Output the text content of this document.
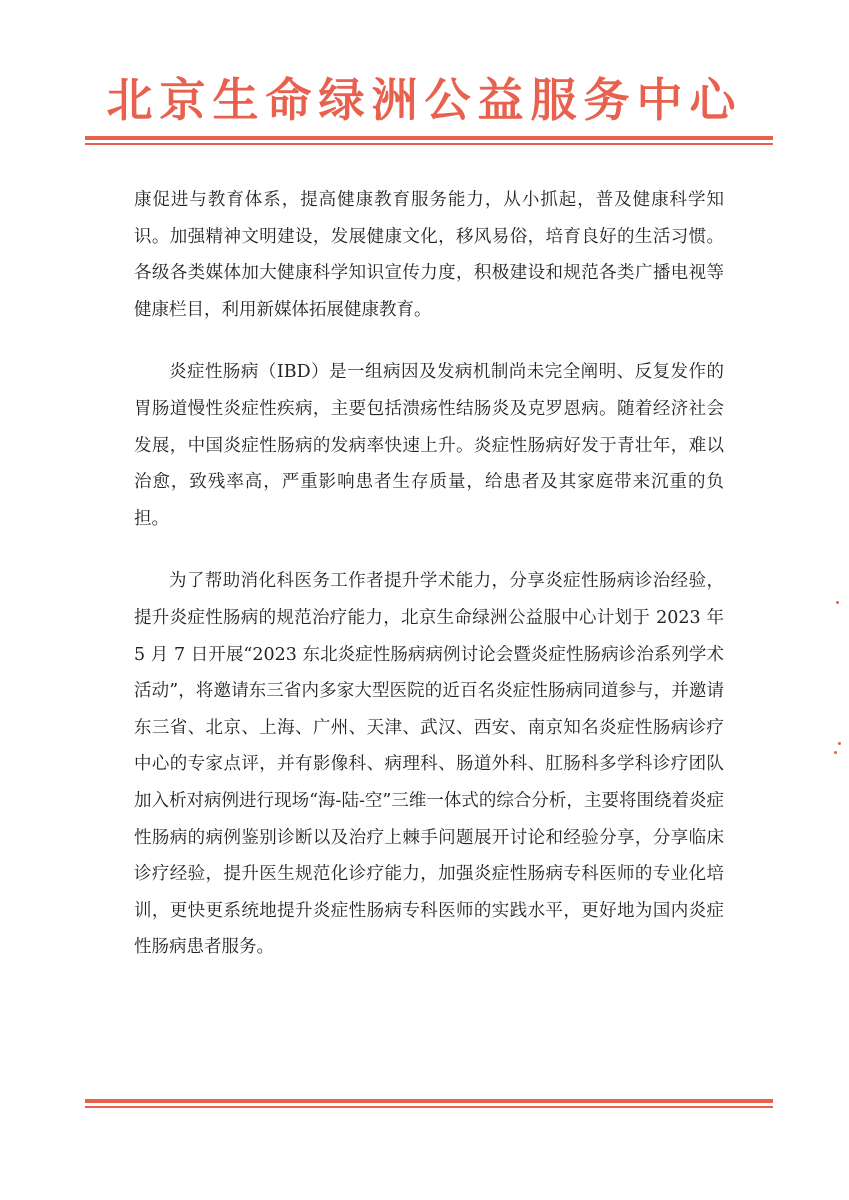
北京生命绿洲公益服务中心

康促进与教育体系，提高健康教育服务能力，从小抓起，普及健康科学知识。加强精神文明建设，发展健康文化，移风易俗，培育良好的生活习惯。各级各类媒体加大健康科学知识宣传力度，积极建设和规范各类广播电视等健康栏目，利用新媒体拓展健康教育。

炎症性肠病（IBD）是一组病因及发病机制尚未完全阐明、反复发作的胃肠道慢性炎症性疾病，主要包括溃疡性结肠炎及克罗恩病。随着经济社会发展，中国炎症性肠病的发病率快速上升。炎症性肠病好发于青壮年，难以治愈，致残率高，严重影响患者生存质量，给患者及其家庭带来沉重的负担。

为了帮助消化科医务工作者提升学术能力，分享炎症性肠病诊治经验，提升炎症性肠病的规范治疗能力，北京生命绿洲公益服中心计划于 2023 年 5 月 7 日开展“2023 东北炎症性肠病病例讨论会暨炎症性肠病诊治系列学术活动”，将邀请东三省内多家大型医院的近百名炎症性肠病同道参与，并邀请东三省、北京、上海、广州、天津、武汉、西安、南京知名炎症性肠病诊疗中心的专家点评，并有影像科、病理科、肠道外科、肛肠科多学科诊疗团队加入析对病例进行现场“海-陆-空”三维一体式的综合分析，主要将围绕着炎症性肠病的病例鉴别诊断以及治疗上棘手问题展开讨论和经验分享，分享临床诊疗经验，提升医生规范化诊疗能力，加强炎症性肠病专科医师的专业化培训，更快更系统地提升炎症性肠病专科医师的实践水平，更好地为国内炎症性肠病患者服务。
